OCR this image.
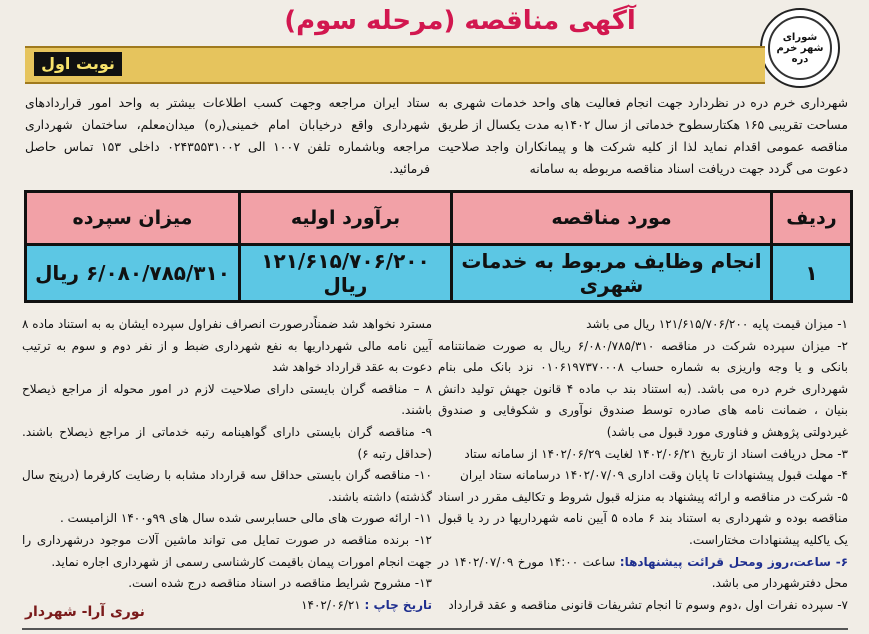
شورای شهر خرم دره
آگهی مناقصه (مرحله سوم)
نوبت اول
شهرداری خرم دره در نظردارد جهت انجام فعالیت های واحد خدمات شهری به مساحت تقریبی ۱۶۵ هکتارسطوح خدماتی از سال ۱۴۰۲به مدت یکسال از طریق مناقصه عمومی اقدام نماید لذا از کلیه شرکت ها و پیمانکاران واجد صلاحیت دعوت می گردد جهت دریافت اسناد مناقصه مربوطه به سامانه
ستاد ایران مراجعه وجهت کسب اطلاعات بیشتر به واحد امور قراردادهای شهرداری واقع درخیابان امام خمینی(ره) میدان‌معلم، ساختمان شهرداری مراجعه وباشماره تلفن ۱۰۰۷ الی ۰۲۴۳۵۵۳۱۰۰۲ داخلی ۱۵۳ تماس حاصل فرمائید.
ردیف	مورد مناقصه	برآورد اولیه	میزان سپرده
۱	انجام وظایف مربوط به خدمات شهری	۱۲۱/۶۱۵/۷۰۶/۲۰۰ ریال	۶/۰۸۰/۷۸۵/۳۱۰ ریال
۱- میزان قیمت پایه ۱۲۱/۶۱۵/۷۰۶/۲۰۰ ریال می باشد
۲- میزان سپرده شرکت در مناقصه ۶/۰۸۰/۷۸۵/۳۱۰ ریال به صورت ضمانتنامه بانکی و یا وجه واریزی به شماره حساب ۰۱۰۶۱۹۷۳۷۰۰۰۸ نزد بانک ملی بنام شهرداری خرم دره می باشد. (به استناد بند ب ماده ۴ قانون جهش تولید دانش بنیان ، ضمانت نامه های صادره توسط صندوق نوآوری و شکوفایی و صندوق غیردولتی پژوهش و فناوری مورد قبول می باشد)
۳- محل دریافت اسناد از تاریخ ۱۴۰۲/۰۶/۲۱ لغایت ۱۴۰۲/۰۶/۲۹ از سامانه ستاد
۴- مهلت قبول پیشنهادات تا پایان وقت اداری ۱۴۰۲/۰۷/۰۹ درسامانه ستاد ایران
۵- شرکت در مناقصه و ارائه پیشنهاد به منزله قبول شروط و تکالیف مقرر در اسناد مناقصه بوده و شهرداری به استناد بند ۶ ماده ۵ آیین نامه شهرداریها در رد یا قبول یک یاکلیه پیشنهادات مختاراست.
۶- ساعت،روز ومحل قرائت پیشنهادها: ساعت ۱۴:۰۰ مورخ ۱۴۰۲/۰۷/۰۹ در محل دفترشهردار می باشد.
۷- سپرده نفرات اول ،دوم وسوم تا انجام تشریفات قانونی مناقصه و عقد قرارداد
مسترد نخواهد شد ضمناًدرصورت انصراف نفراول سپرده ایشان به به استناد ماده ۸ آیین نامه مالی شهرداریها به نفع شهرداری ضبط و از نفر دوم و سوم به ترتیب دعوت به عقد قرارداد خواهد شد
۸ – مناقصه گران بایستی دارای صلاحیت لازم در امور محوله از مراجع ذیصلاح باشند.
۹- مناقصه گران بایستی دارای گواهینامه رتبه خدماتی از مراجع ذیصلاح باشند. (حداقل رتبه ۶)
۱۰- مناقصه گران بایستی حداقل سه قرارداد مشابه با رضایت کارفرما (درپنج سال گذشته) داشته باشند.
۱۱- ارائه صورت های مالی حسابرسی شده سال های ۹۹و۱۴۰۰ الزامیست .
۱۲- برنده مناقصه در صورت تمایل می تواند ماشین آلات موجود درشهرداری را جهت انجام امورات پیمان باقیمت کارشناسی رسمی از شهرداری اجاره نماید.
۱۳- مشروح شرایط مناقصه در اسناد مناقصه درج شده است.
تاریخ چاپ : ۱۴۰۲/۰۶/۲۱
نوری آرا- شهردار
